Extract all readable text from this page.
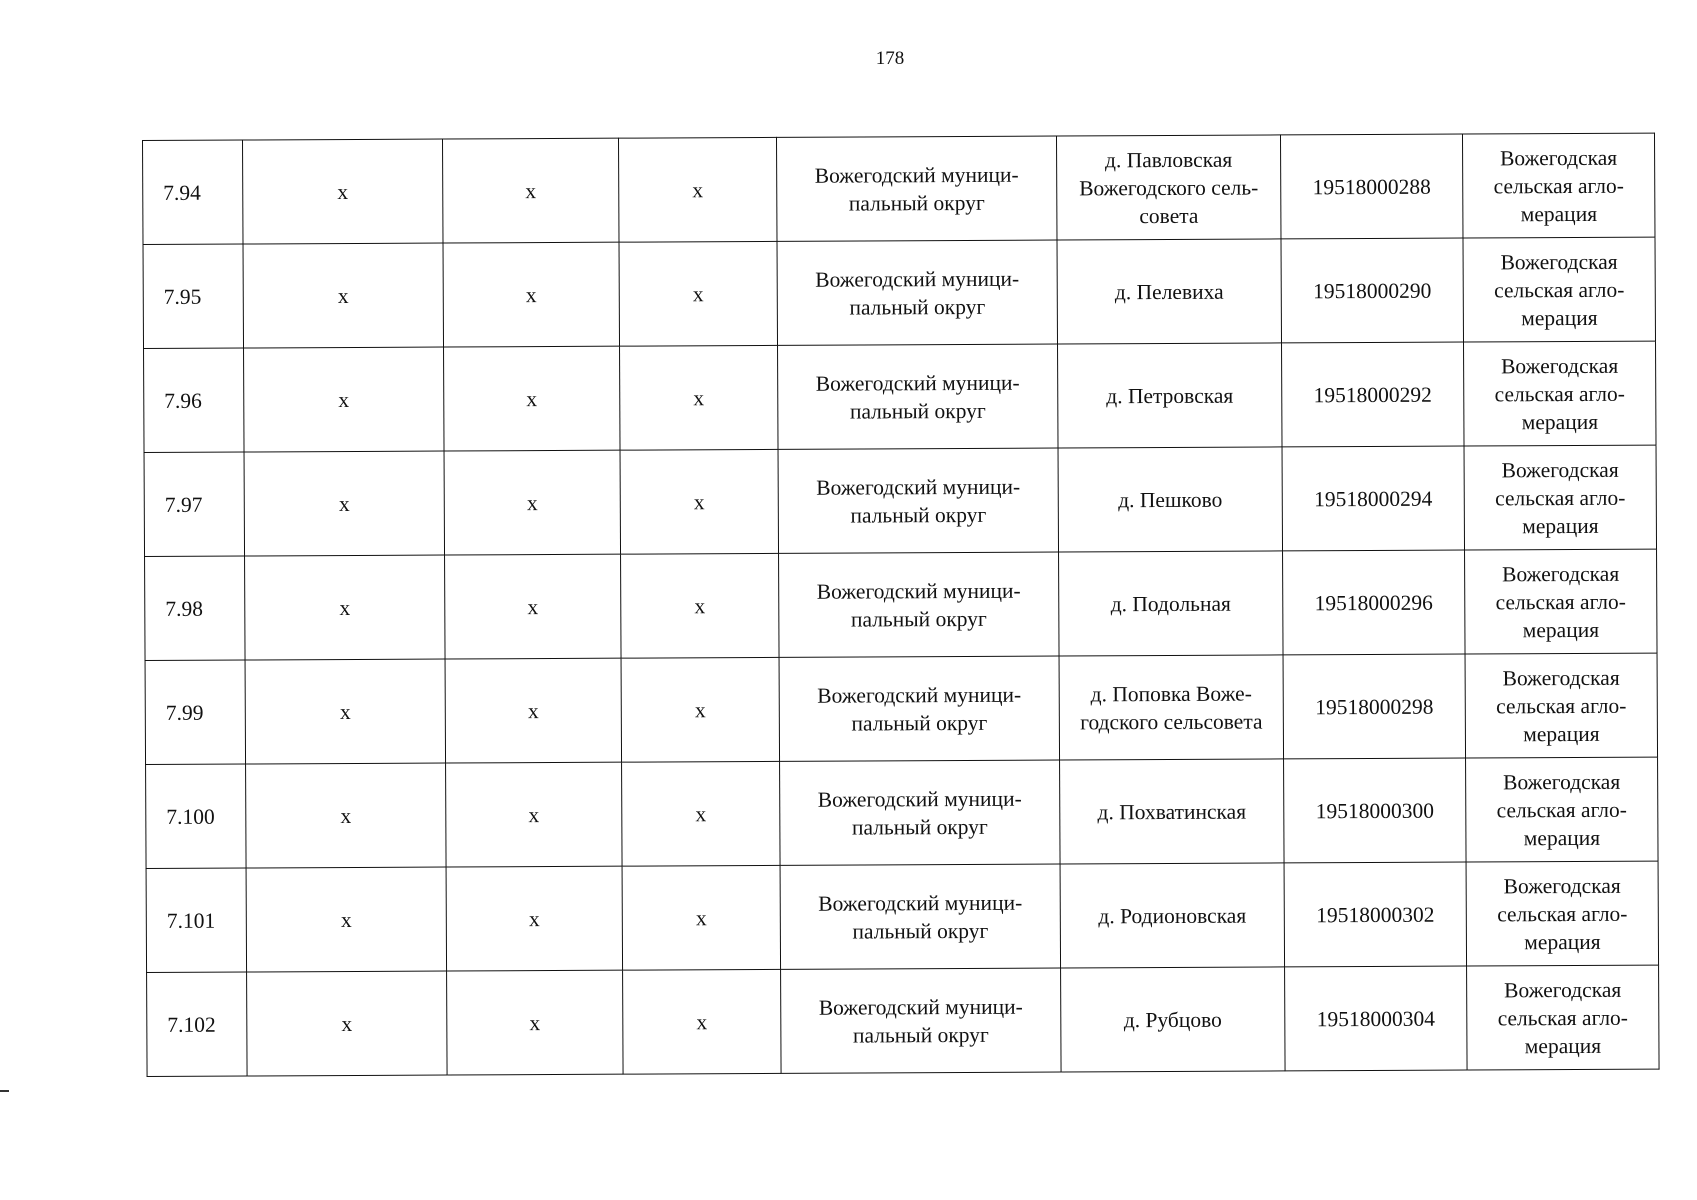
178
7.94	х	х	х	Вожегодский муници-пальный округ	д. Павловская Вожегодского сель-совета	19518000288	Вожегодская сельская агло-мерация
7.95	х	х	х	Вожегодский муници-пальный округ	д. Пелевиха	19518000290	Вожегодская сельская агло-мерация
7.96	х	х	х	Вожегодский муници-пальный округ	д. Петровская	19518000292	Вожегодская сельская агло-мерация
7.97	х	х	х	Вожегодский муници-пальный округ	д. Пешково	19518000294	Вожегодская сельская агло-мерация
7.98	х	х	х	Вожегодский муници-пальный округ	д. Подольная	19518000296	Вожегодская сельская агло-мерация
7.99	х	х	х	Вожегодский муници-пальный округ	д. Поповка Воже-годского сельсовета	19518000298	Вожегодская сельская агло-мерация
7.100	х	х	х	Вожегодский муници-пальный округ	д. Похватинская	19518000300	Вожегодская сельская агло-мерация
7.101	х	х	х	Вожегодский муници-пальный округ	д. Родионовская	19518000302	Вожегодская сельская агло-мерация
7.102	х	х	х	Вожегодский муници-пальный округ	д. Рубцово	19518000304	Вожегодская сельская агло-мерация
